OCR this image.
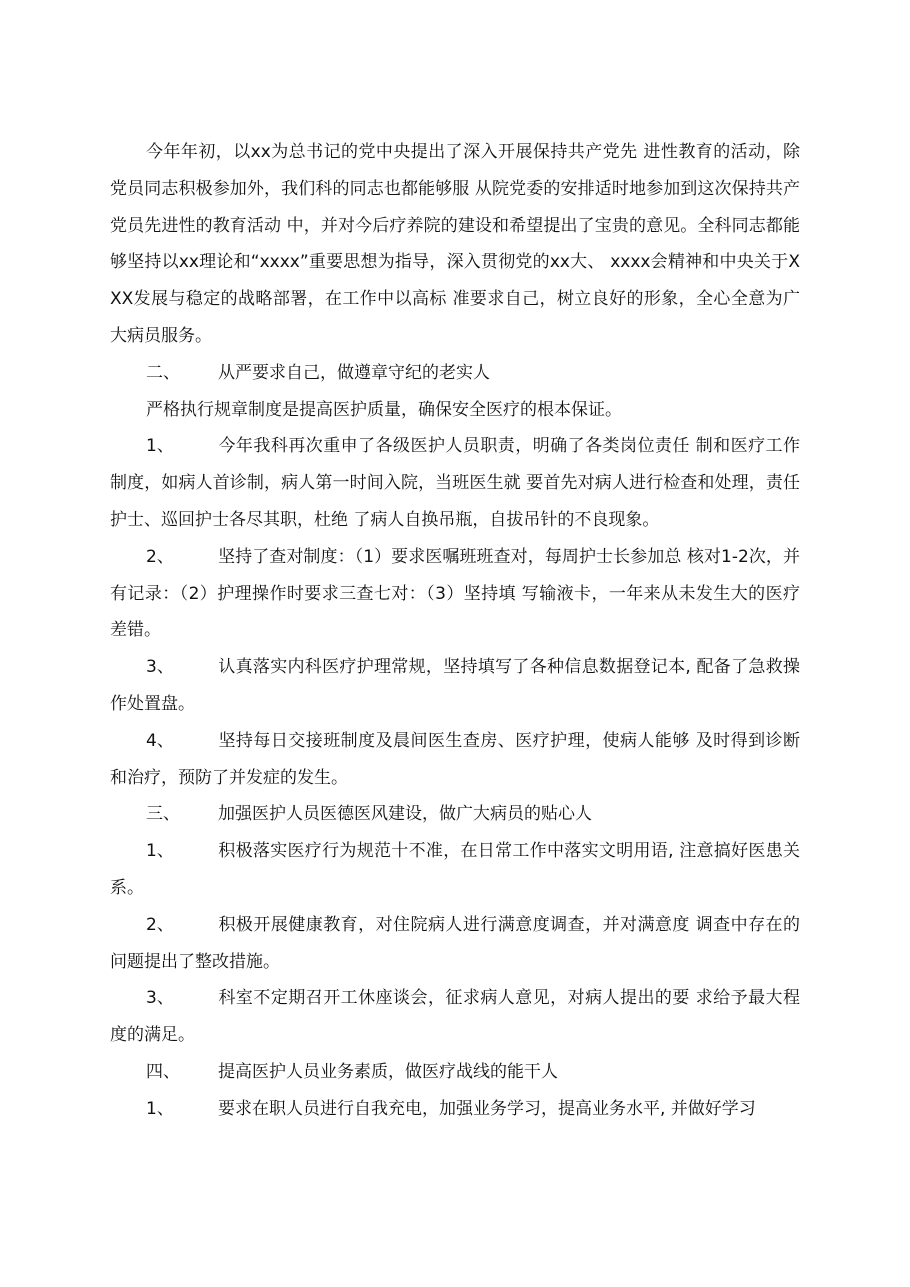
今年年初，以xx为总书记的党中央提出了深入开展保持共产党先 进性教育的活动，除党员同志积极参加外，我们科的同志也都能够服 从院党委的安排适时地参加到这次保持共产党员先进性的教育活动 中，并对今后疗养院的建设和希望提出了宝贵的意见。全科同志都能 够坚持以xx理论和“xxxx”重要思想为指导，深入贯彻党的xx大、 xxxx会精神和中央关于XXX发展与稳定的战略部署，在工作中以高标 准要求自己，树立良好的形象，全心全意为广大病员服务。

二、 从严要求自己，做遵章守纪的老实人

严格执行规章制度是提高医护质量，确保安全医疗的根本保证。

1、	今年我科再次重申了各级医护人员职责，明确了各类岗位责任 制和医疗工作制度，如病人首诊制，病人第一时间入院，当班医生就 要首先对病人进行检查和处理，责任护士、巡回护士各尽其职，杜绝 了病人自换吊瓶，自拔吊针的不良现象。

2、	坚持了查对制度：（1）要求医嘱班班查对，每周护士长参加总 核对1-2次，并有记录：（2）护理操作时要求三查七对：（3）坚持填 写输液卡，一年来从未发生大的医疗差错。

3、	认真落实内科医疗护理常规，坚持填写了各种信息数据登记本, 配备了急救操作处置盘。

4、	坚持每日交接班制度及晨间医生查房、医疗护理，使病人能够 及时得到诊断和治疗，预防了并发症的发生。

三、 加强医护人员医德医风建设，做广大病员的贴心人

1、	积极落实医疗行为规范十不准，在日常工作中落实文明用语, 注意搞好医患关系。

2、	积极开展健康教育，对住院病人进行满意度调查，并对满意度 调查中存在的问题提出了整改措施。

3、	科室不定期召开工休座谈会，征求病人意见，对病人提出的要 求给予最大程度的满足。

四、 提高医护人员业务素质，做医疗战线的能干人

1、	要求在职人员进行自我充电，加强业务学习，提高业务水平, 并做好学习
